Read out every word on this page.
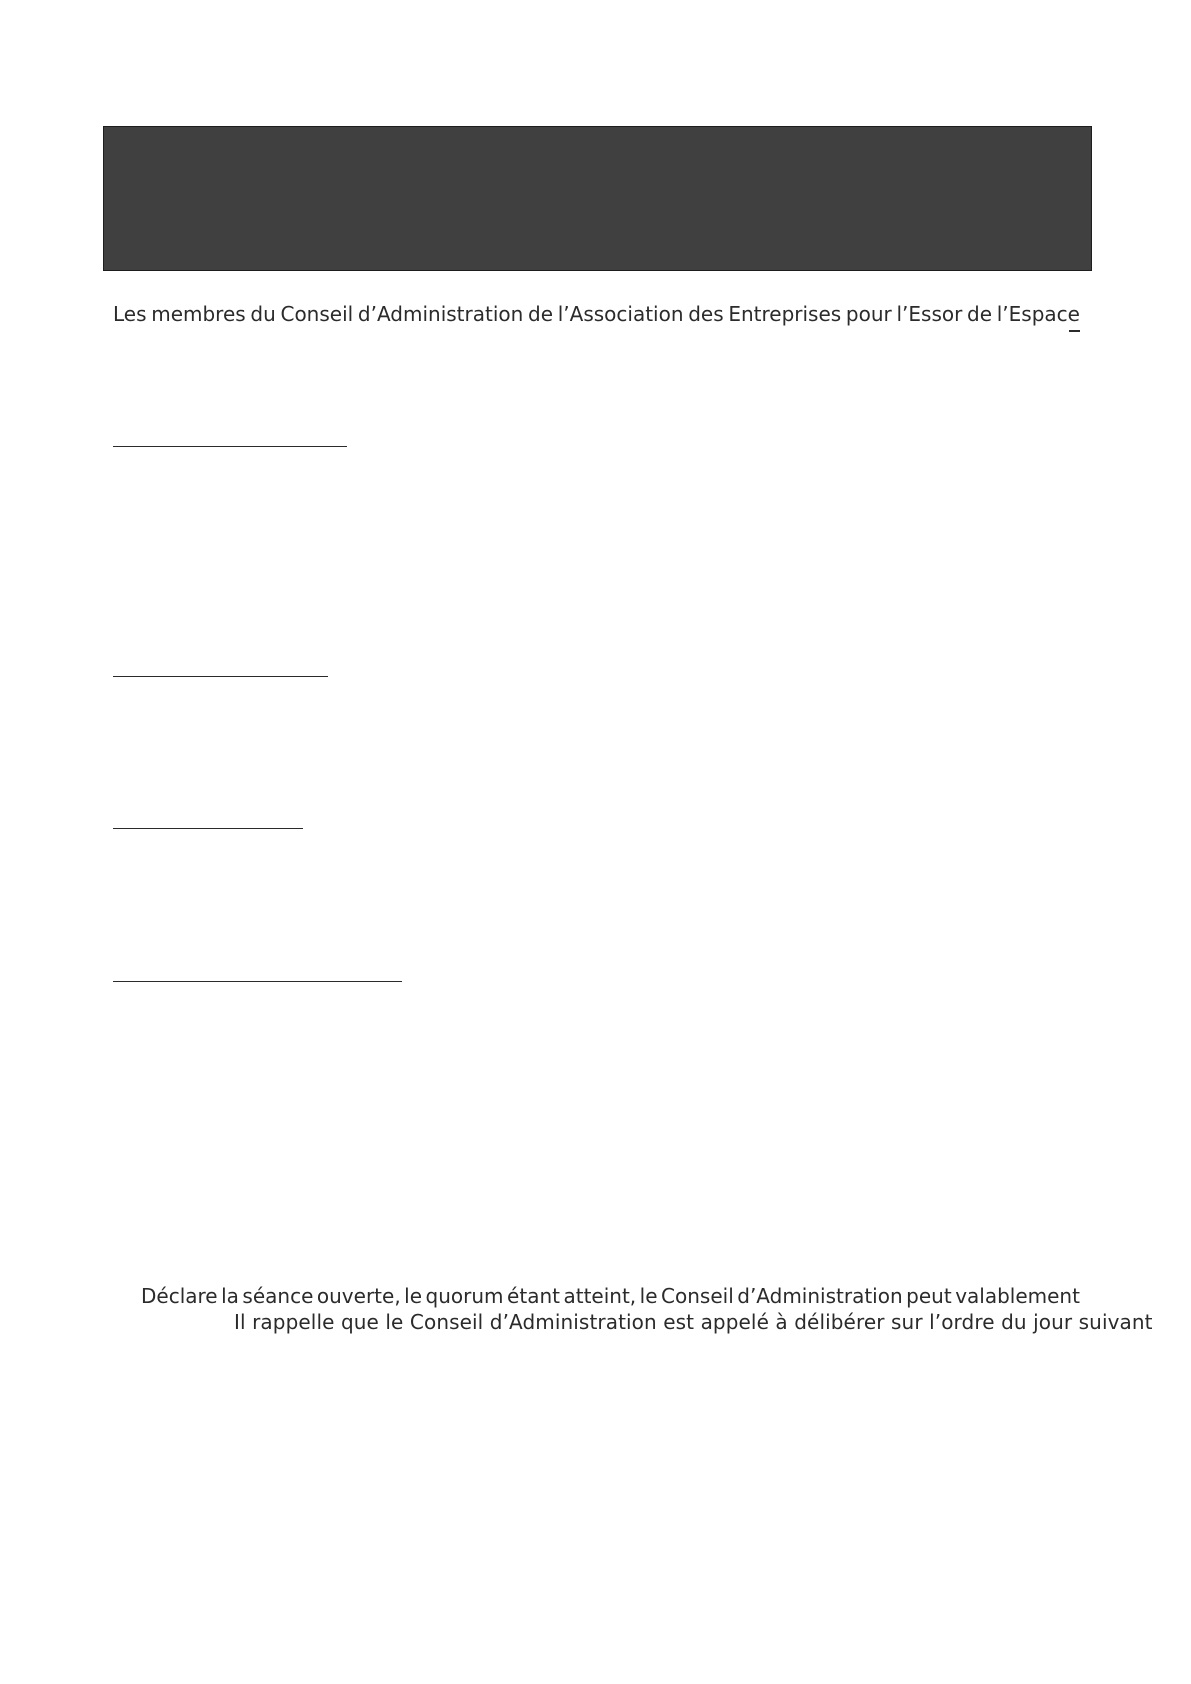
Les membres du Conseil d’Administration de l’Association des Entreprises pour l’Essor de l’Espace
Déclare la séance ouverte, le quorum étant atteint, le Conseil d’Administration peut valablement
Il rappelle que le Conseil d’Administration est appelé à délibérer sur l’ordre du jour suivant
